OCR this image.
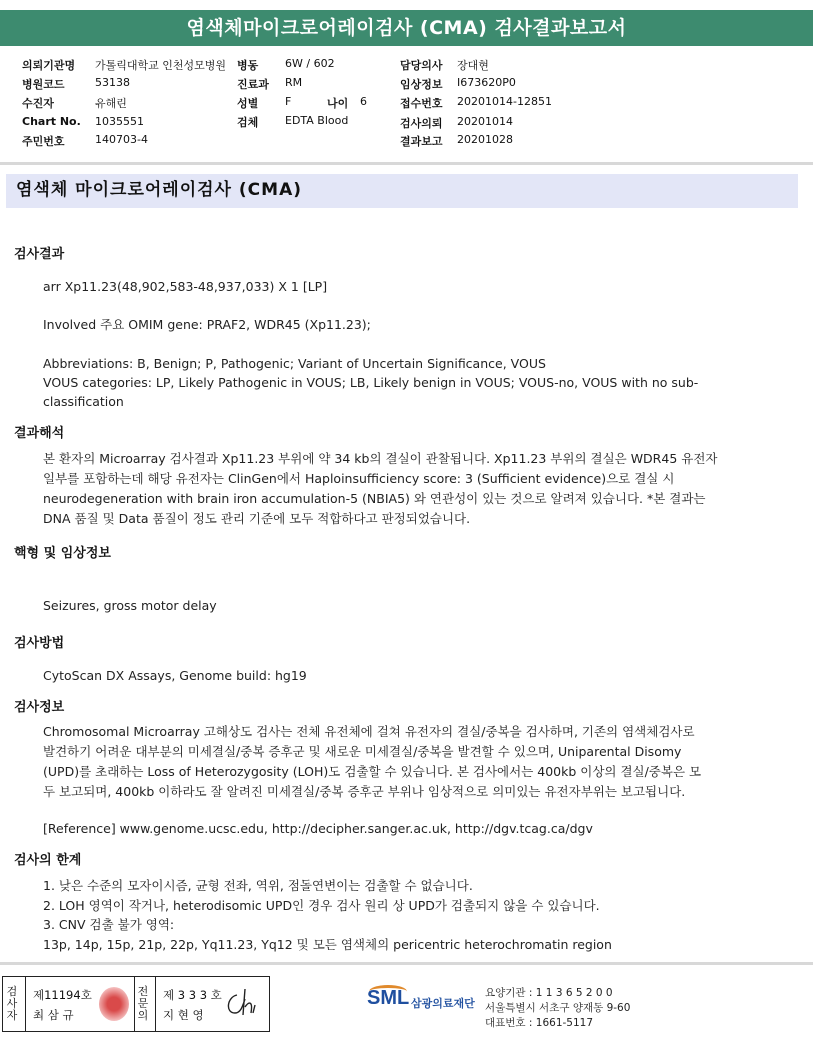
염색체마이크로어레이검사 (CMA) 검사결과보고서
의뢰기관명 가톨릭대학교 인천성모병원 병동 6W / 602	담당의사 장대현
병원코드	53138	진료과 RM	임상정보 I673620P0
수진자	유해린	성별 F	나이 6	접수번호 20201014-12851
Chart No. 1035551	검체 EDTA Blood	검사의뢰 20201014
주민번호	140703-4	결과보고 20201028
염색체 마이크로어레이검사 (CMA)
검사결과
arr Xp11.23(48,902,583-48,937,033) X 1 [LP]
Involved 주요 OMIM gene: PRAF2, WDR45 (Xp11.23);
Abbreviations: B, Benign; P, Pathogenic; Variant of Uncertain Significance, VOUS
VOUS categories: LP, Likely Pathogenic in VOUS; LB, Likely benign in VOUS; VOUS-no, VOUS with no sub-
classification
결과해석
본 환자의 Microarray 검사결과 Xp11.23 부위에 약 34 kb의 결실이 관찰됩니다. Xp11.23 부위의 결실은 WDR45 유전자
일부를 포함하는데 해당 유전자는 ClinGen에서 Haploinsufficiency score: 3 (Sufficient evidence)으로 결실 시
neurodegeneration with brain iron accumulation-5 (NBIA5) 와 연관성이 있는 것으로 알려져 있습니다. *본 결과는
DNA 품질 및 Data 품질이 정도 관리 기준에 모두 적합하다고 판정되었습니다.
핵형 및 임상정보
Seizures, gross motor delay
검사방법
CytoScan DX Assays, Genome build: hg19
검사정보
Chromosomal Microarray 고해상도 검사는 전체 유전체에 걸쳐 유전자의 결실/중복을 검사하며, 기존의 염색체검사로
발견하기 어려운 대부분의 미세결실/중복 증후군 및 새로운 미세결실/중복을 발견할 수 있으며, Uniparental Disomy
(UPD)를 초래하는 Loss of Heterozygosity (LOH)도 검출할 수 있습니다. 본 검사에서는 400kb 이상의 결실/중복은 모
두 보고되며, 400kb 이하라도 잘 알려진 미세결실/중복 증후군 부위나 임상적으로 의미있는 유전자부위는 보고됩니다.
[Reference] www.genome.ucsc.edu, http://decipher.sanger.ac.uk, http://dgv.tcag.ca/dgv
검사의 한계
1. 낮은 수준의 모자이시즘, 균형 전좌, 역위, 점돌연변이는 검출할 수 없습니다.
2. LOH 영역이 작거나, heterodisomic UPD인 경우 검사 원리 상 UPD가 검출되지 않을 수 있습니다.
3. CNV 검출 불가 영역:
13p, 14p, 15p, 21p, 22p, Yq11.23, Yq12 및 모든 염색체의 pericentric heterochromatin region
검사자
제11194호
최 삼 규
전문의
제 3 3 3 호
지 현 영
SML 삼광의료재단
요양기관 : 1 1 3 6 5 2 0 0
서울특별시 서초구 양재동 9-60
대표번호 : 1661-5117
